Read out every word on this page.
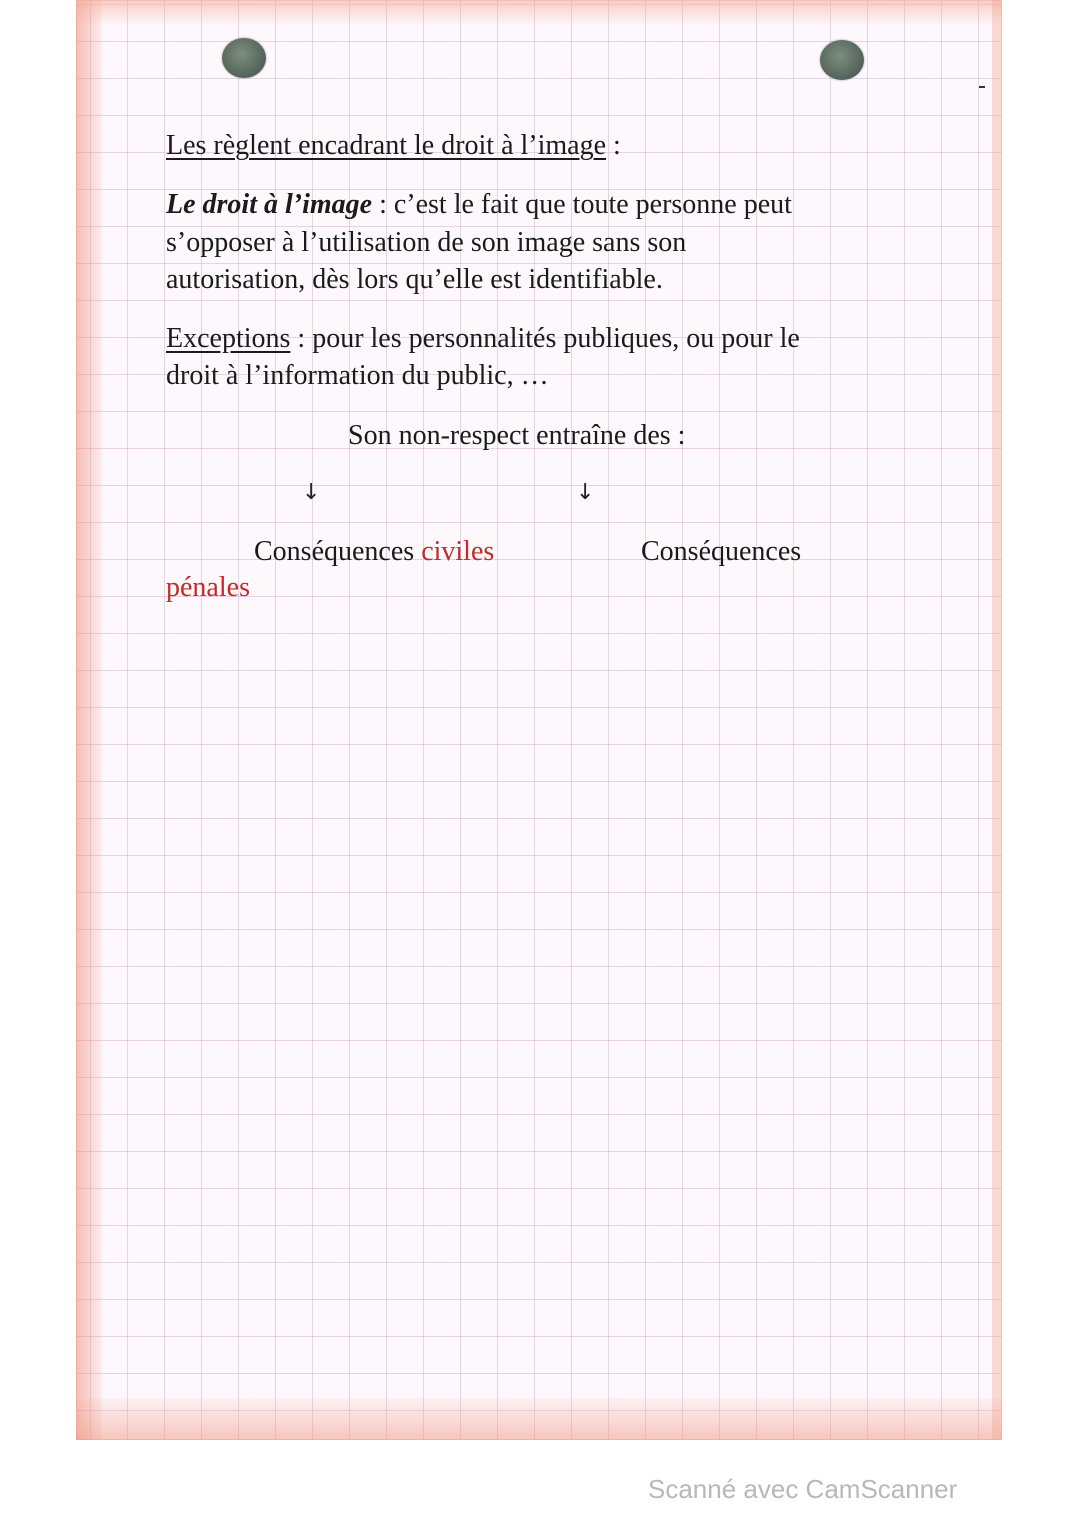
Les règlent encadrant le droit à l’image :
Le droit à l’image : c’est le fait que toute personne peut
s’opposer à l’utilisation de son image sans son
autorisation, dès lors qu’elle est identifiable.
Exceptions : pour les personnalités publiques, ou pour le
droit à l’information du public, …
Son non-respect entraîne des :
↓	↓
Conséquences civiles	Conséquences
pénales
Scanné avec CamScanner
